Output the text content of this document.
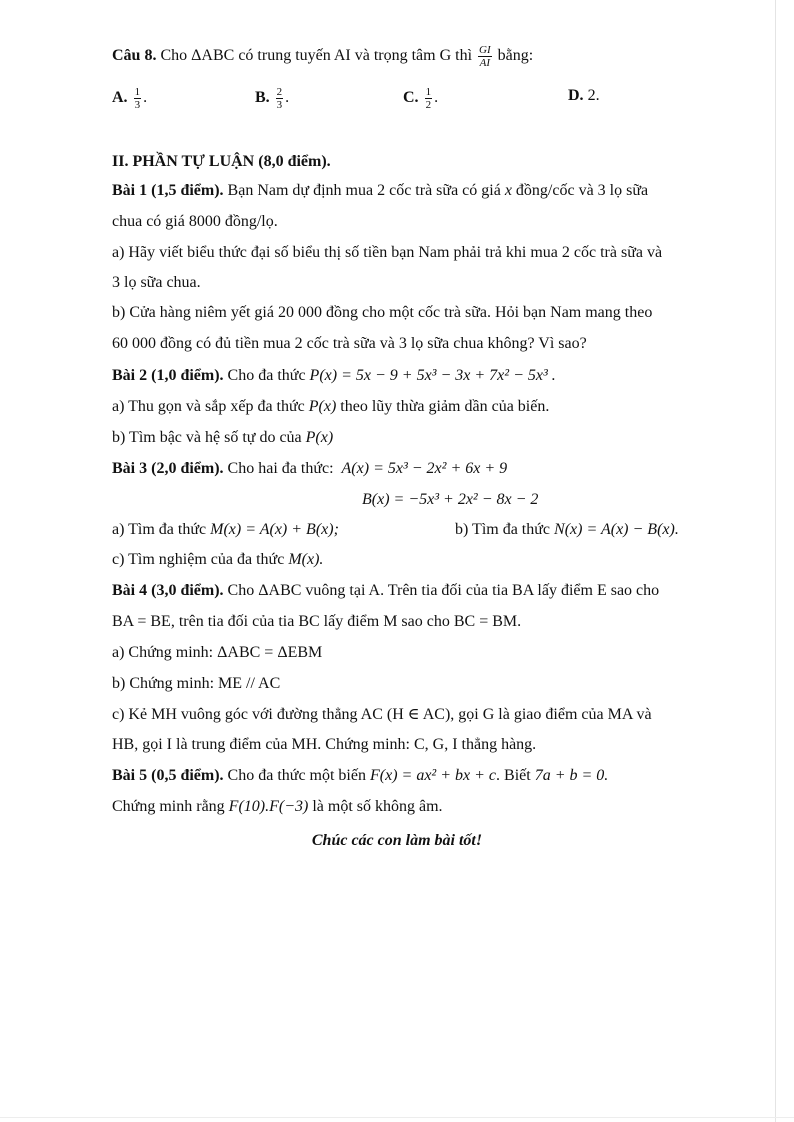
Câu 8. Cho ΔABC có trung tuyến AI và trọng tâm G thì $\frac{GI}{AI}$ bằng:
A. $\frac{1}{3}$ .	B. $\frac{2}{3}$ .	C. $\frac{1}{2}$ .	D. 2.
II. PHẦN TỰ LUẬN (8,0 điểm).
Bài 1 (1,5 điểm). Bạn Nam dự định mua 2 cốc trà sữa có giá x đồng/cốc và 3 lọ sữa
chua có giá 8000 đồng/lọ.
a) Hãy viết biểu thức đại số biểu thị số tiền bạn Nam phải trả khi mua 2 cốc trà sữa và
3 lọ sữa chua.
b) Cửa hàng niêm yết giá 20 000 đồng cho một cốc trà sữa. Hỏi bạn Nam mang theo
60 000 đồng có đủ tiền mua 2 cốc trà sữa và 3 lọ sữa chua không? Vì sao?
Bài 2 (1,0 điểm). Cho đa thức P(x) = 5x − 9 + 5x³ − 3x + 7x² − 5x³ .
a) Thu gọn và sắp xếp đa thức P(x) theo lũy thừa giảm dần của biến.
b) Tìm bậc và hệ số tự do của P(x)
Bài 3 (2,0 điểm). Cho hai đa thức: A(x) = 5x³ − 2x² + 6x + 9
B(x) = −5x³ + 2x² − 8x − 2
a) Tìm đa thức M(x) = A(x) + B(x);	b) Tìm đa thức N(x) = A(x) − B(x).
c) Tìm nghiệm của đa thức M(x).
Bài 4 (3,0 điểm). Cho ΔABC vuông tại A. Trên tia đối của tia BA lấy điểm E sao cho
BA = BE, trên tia đối của tia BC lấy điểm M sao cho BC = BM.
a) Chứng minh: ΔABC = ΔEBM
b) Chứng minh: ME // AC
c) Kẻ MH vuông góc với đường thẳng AC (H ∈ AC), gọi G là giao điểm của MA và
HB, gọi I là trung điểm của MH. Chứng minh: C, G, I thẳng hàng.
Bài 5 (0,5 điểm). Cho đa thức một biến F(x) = ax² + bx + c. Biết 7a + b = 0.
Chứng minh rằng F(10).F(−3) là một số không âm.
Chúc các con làm bài tốt!
